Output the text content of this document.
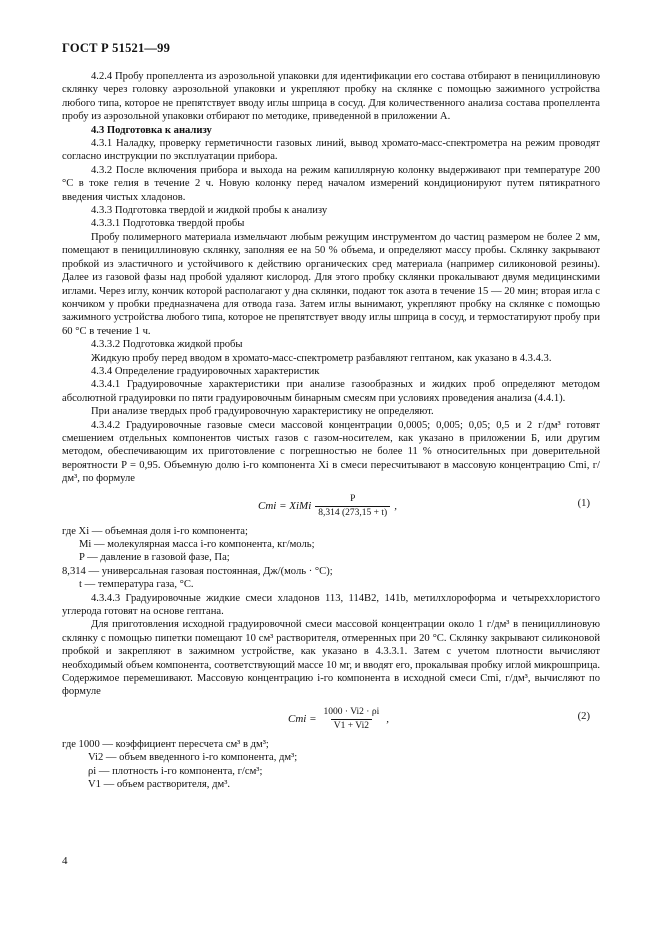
ГОСТ Р 51521—99

4.2.4 Пробу пропеллента из аэрозольной упаковки для идентификации его состава отбирают в пенициллиновую склянку через головку аэрозольной упаковки и укрепляют пробку на склянке с помощью зажимного устройства любого типа, которое не препятствует вводу иглы шприца в сосуд. Для количественного анализа состава пропеллента пробу из аэрозольной упаковки отбирают по методике, приведенной в приложении А.

4.3 Подготовка к анализу

4.3.1 Наладку, проверку герметичности газовых линий, вывод хромато-масс-спектрометра на режим проводят согласно инструкции по эксплуатации прибора.

4.3.2 После включения прибора и выхода на режим капиллярную колонку выдерживают при температуре 200 °С в токе гелия в течение 2 ч. Новую колонку перед началом измерений кондиционируют путем пятикратного введения чистых хладонов.

4.3.3 Подготовка твердой и жидкой пробы к анализу

4.3.3.1 Подготовка твердой пробы

Пробу полимерного материала измельчают любым режущим инструментом до частиц размером не более 2 мм, помещают в пенициллиновую склянку, заполняя ее на 50 % объема, и определяют массу пробы. Склянку закрывают пробкой из эластичного и устойчивого к действию органических сред материала (например силиконовой резины). Далее из газовой фазы над пробой удаляют кислород. Для этого пробку склянки прокалывают двумя медицинскими иглами. Через иглу, кончик которой располагают у дна склянки, подают ток азота в течение 15 — 20 мин; вторая игла с кончиком у пробки предназначена для отвода газа. Затем иглы вынимают, укрепляют пробку на склянке с помощью зажимного устройства любого типа, которое не препятствует вводу иглы шприца в сосуд, и термостатируют пробу при 60 °С в течение 1 ч.

4.3.3.2 Подготовка жидкой пробы

Жидкую пробу перед вводом в хромато-масс-спектрометр разбавляют гептаном, как указано в 4.3.4.3.

4.3.4 Определение градуировочных характеристик

4.3.4.1 Градуировочные характеристики при анализе газообразных и жидких проб определяют методом абсолютной градуировки по пяти градуировочным бинарным смесям при условиях проведения анализа (4.4.1).

При анализе твердых проб градуировочную характеристику не определяют.

4.3.4.2 Градуировочные газовые смеси массовой концентрации 0,0005; 0,005; 0,05; 0,5 и 2 г/дм³ готовят смешением отдельных компонентов чистых газов с газом-носителем, как указано в приложении Б, или другим методом, обеспечивающим их приготовление с погрешностью не более 11 % относительных при доверительной вероятности P = 0,95. Объемную долю i-го компонента Xi в смеси пересчитывают в массовую концентрацию Cmi, г/дм³, по формуле

Cmi = XiMi $\frac{P}{8,314 (273,15 + t)}$ ,	(1)
где Xi — объемная доля i-го компонента;
Mi — молекулярная масса i-го компонента, кг/моль;
P — давление в газовой фазе, Па;
8,314 — универсальная газовая постоянная, Дж/(моль · °С);
t — температура газа, °С.

4.3.4.3 Градуировочные жидкие смеси хладонов 113, 114В2, 141b, метилхлороформа и четыреххлористого углерода готовят на основе гептана.

Для приготовления исходной градуировочной смеси массовой концентрации около 1 г/дм³ в пенициллиновую склянку с помощью пипетки помещают 10 см³ растворителя, отмеренных при 20 °С. Склянку закрывают силиконовой пробкой и закрепляют в зажимном устройстве, как указано в 4.3.3.1. Затем с учетом плотности вычисляют необходимый объем компонента, соответствующий массе 10 мг, и вводят его, прокалывая пробку иглой микрошприца. Содержимое перемешивают. Массовую концентрацию i-го компонента в исходной смеси Cmi, г/дм³, вычисляют по формуле

Cmi = $\frac{1000 \cdot Vi2 \cdot \rho i}{V1 + Vi2}$ ,	(2)
где 1000 — коэффициент пересчета см³ в дм³;
Vi2 — объем введенного i-го компонента, дм³;
ρi — плотность i-го компонента, г/см³;
V1 — объем растворителя, дм³.
4
